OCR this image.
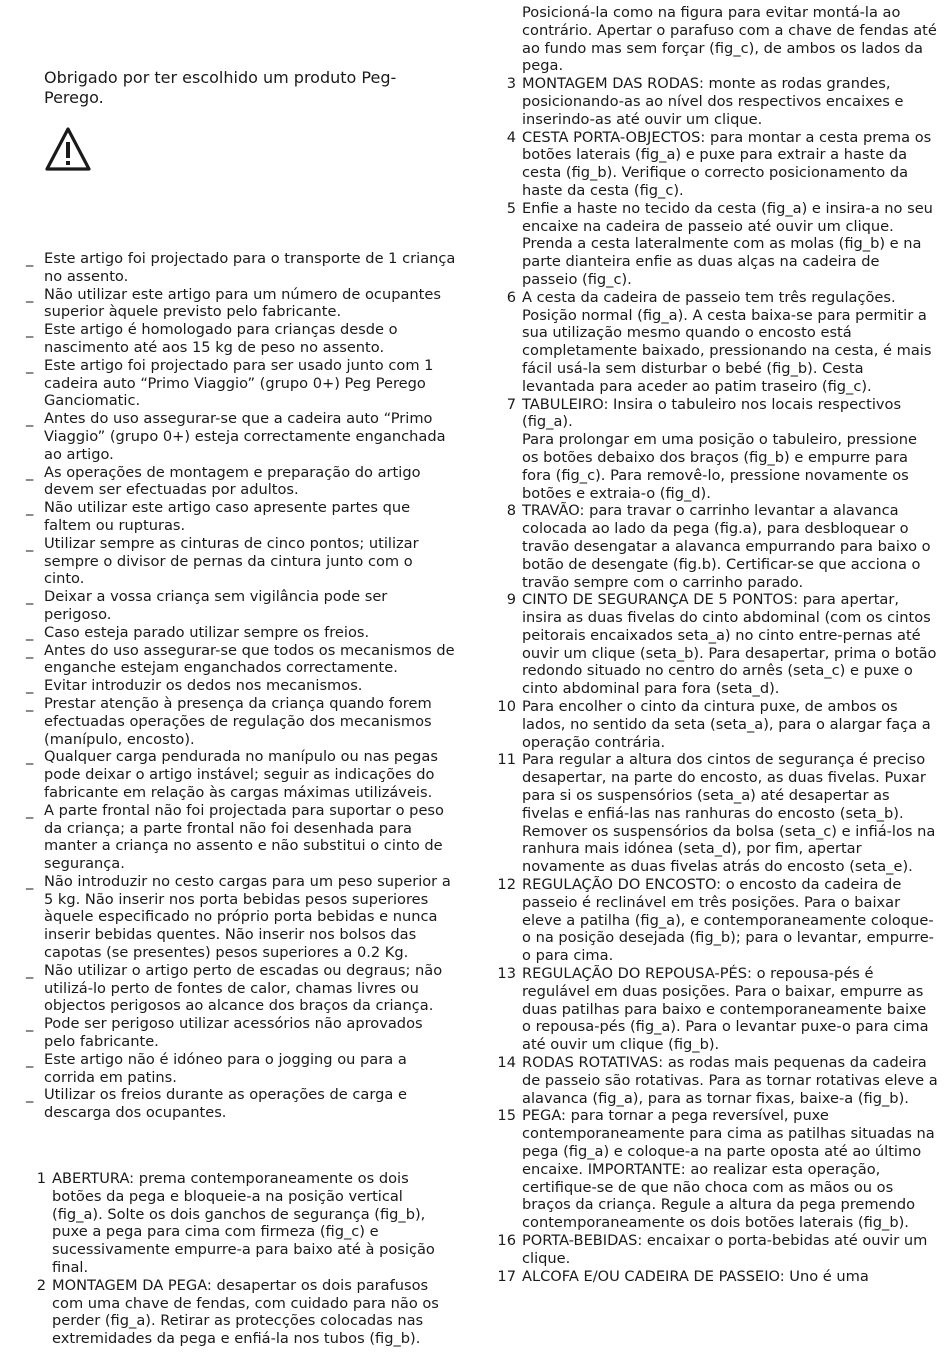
Obrigado por ter escolhido um produto Peg-Perego.

_ Este artigo foi projectado para o transporte de 1 criança no assento.
_ Não utilizar este artigo para um número de ocupantes superior àquele previsto pelo fabricante.
_ Este artigo é homologado para crianças desde o nascimento até aos 15 kg de peso no assento.
_ Este artigo foi projectado para ser usado junto com 1 cadeira auto “Primo Viaggio” (grupo 0+) Peg Perego Ganciomatic.
_ Antes do uso assegurar-se que a cadeira auto “Primo Viaggio” (grupo 0+) esteja correctamente enganchada ao artigo.
_ As operações de montagem e preparação do artigo devem ser efectuadas por adultos.
_ Não utilizar este artigo caso apresente partes que faltem ou rupturas.
_ Utilizar sempre as cinturas de cinco pontos; utilizar sempre o divisor de pernas da cintura junto com o cinto.
_ Deixar a vossa criança sem vigilância pode ser perigoso.
_ Caso esteja parado utilizar sempre os freios.
_ Antes do uso assegurar-se que todos os mecanismos de enganche estejam enganchados correctamente.
_ Evitar introduzir os dedos nos mecanismos.
_ Prestar atenção à presença da criança quando forem efectuadas operações de regulação dos mecanismos (manípulo, encosto).
_ Qualquer carga pendurada no manípulo ou nas pegas pode deixar o artigo instável; seguir as indicações do fabricante em relação às cargas máximas utilizáveis.
_ A parte frontal não foi projectada para suportar o peso da criança; a parte frontal não foi desenhada para manter a criança no assento e não substitui o cinto de segurança.
_ Não introduzir no cesto cargas para um peso superior a 5 kg. Não inserir nos porta bebidas pesos superiores àquele especificado no próprio porta bebidas e nunca inserir bebidas quentes. Não inserir nos bolsos das capotas (se presentes) pesos superiores a 0.2 Kg.
_ Não utilizar o artigo perto de escadas ou degraus; não utilizá-lo perto de fontes de calor, chamas livres ou objectos perigosos ao alcance dos braços da criança.
_ Pode ser perigoso utilizar acessórios não aprovados pelo fabricante.
_ Este artigo não é idóneo para o jogging ou para a corrida em patins.
_ Utilizar os freios durante as operações de carga e descarga dos ocupantes.
1 ABERTURA: prema contemporaneamente os dois botões da pega e bloqueie-a na posição vertical (fig_a). Solte os dois ganchos de segurança (fig_b), puxe a pega para cima com firmeza (fig_c) e sucessivamente empurre-a para baixo até à posição final.
2 MONTAGEM DA PEGA: desapertar os dois parafusos com uma chave de fendas, com cuidado para não os perder (fig_a). Retirar as protecções colocadas nas extremidades da pega e enfiá-la nos tubos (fig_b).
Posicioná-la como na figura para evitar montá-la ao contrário. Apertar o parafuso com a chave de fendas até ao fundo mas sem forçar (fig_c), de ambos os lados da pega.
3 MONTAGEM DAS RODAS: monte as rodas grandes, posicionando-as ao nível dos respectivos encaixes e inserindo-as até ouvir um clique.
4 CESTA PORTA-OBJECTOS: para montar a cesta prema os botões laterais (fig_a) e puxe para extrair a haste da cesta (fig_b). Verifique o correcto posicionamento da haste da cesta (fig_c).
5 Enfie a haste no tecido da cesta (fig_a) e insira-a no seu encaixe na cadeira de passeio até ouvir um clique. Prenda a cesta lateralmente com as molas (fig_b) e na parte dianteira enfie as duas alças na cadeira de passeio (fig_c).
6 A cesta da cadeira de passeio tem três regulações. Posição normal (fig_a). A cesta baixa-se para permitir a sua utilização mesmo quando o encosto está completamente baixado, pressionando na cesta, é mais fácil usá-la sem disturbar o bebé (fig_b). Cesta levantada para aceder ao patim traseiro (fig_c).
7 TABULEIRO: Insira o tabuleiro nos locais respectivos (fig_a).
Para prolongar em uma posição o tabuleiro, pressione os botões debaixo dos braços (fig_b) e empurre para fora (fig_c). Para removê-lo, pressione novamente os botões e extraia-o (fig_d).
8 TRAVÃO: para travar o carrinho levantar a alavanca colocada ao lado da pega (fig.a), para desbloquear o travão desengatar a alavanca empurrando para baixo o botão de desengate (fig.b). Certificar-se que acciona o travão sempre com o carrinho parado.
9 CINTO DE SEGURANÇA DE 5 PONTOS: para apertar, insira as duas fivelas do cinto abdominal (com os cintos peitorais encaixados seta_a) no cinto entre-pernas até ouvir um clique (seta_b). Para desapertar, prima o botão redondo situado no centro do arnês (seta_c) e puxe o cinto abdominal para fora (seta_d).
10 Para encolher o cinto da cintura puxe, de ambos os lados, no sentido da seta (seta_a), para o alargar faça a operação contrária.
11 Para regular a altura dos cintos de segurança é preciso desapertar, na parte do encosto, as duas fivelas. Puxar para si os suspensórios (seta_a) até desapertar as fivelas e enfiá-las nas ranhuras do encosto (seta_b). Remover os suspensórios da bolsa (seta_c) e infiá-los na ranhura mais idónea (seta_d), por fim, apertar novamente as duas fivelas atrás do encosto (seta_e).
12 REGULAÇÃO DO ENCOSTO: o encosto da cadeira de passeio é reclinável em três posições. Para o baixar eleve a patilha (fig_a), e contemporaneamente coloque-o na posição desejada (fig_b); para o levantar, empurre-o para cima.
13 REGULAÇÃO DO REPOUSA-PÉS: o repousa-pés é regulável em duas posições. Para o baixar, empurre as duas patilhas para baixo e contemporaneamente baixe o repousa-pés (fig_a). Para o levantar puxe-o para cima até ouvir um clique (fig_b).
14 RODAS ROTATIVAS: as rodas mais pequenas da cadeira de passeio são rotativas. Para as tornar rotativas eleve a alavanca (fig_a), para as tornar fixas, baixe-a (fig_b).
15 PEGA: para tornar a pega reversível, puxe contemporaneamente para cima as patilhas situadas na pega (fig_a) e coloque-a na parte oposta até ao último encaixe. IMPORTANTE: ao realizar esta operação, certifique-se de que não choca com as mãos ou os braços da criança. Regule a altura da pega premendo contemporaneamente os dois botões laterais (fig_b).
16 PORTA-BEBIDAS: encaixar o porta-bebidas até ouvir um clique.
17 ALCOFA E/OU CADEIRA DE PASSEIO: Uno é uma
